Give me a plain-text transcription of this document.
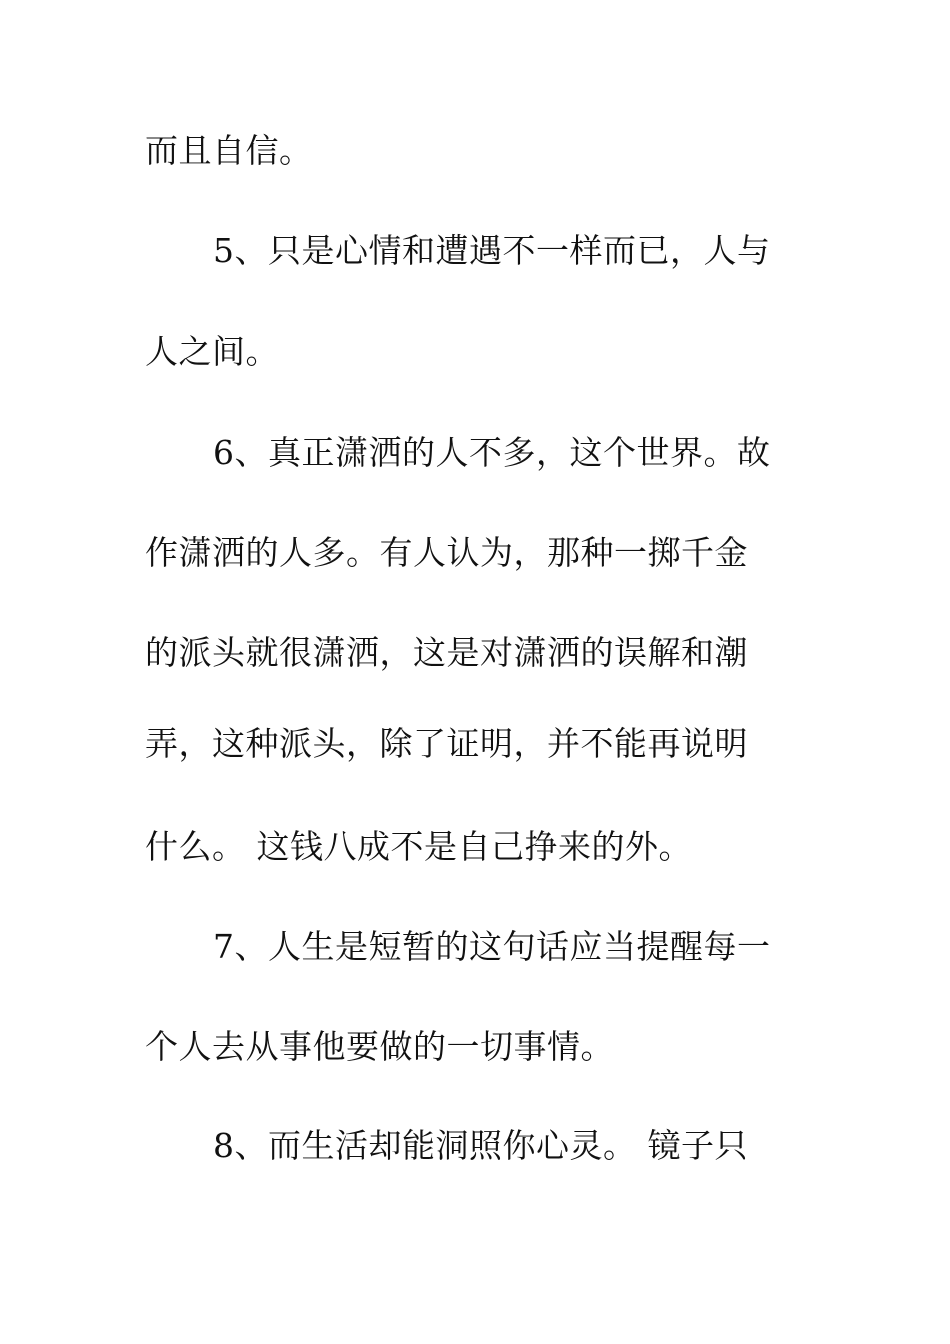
而且自信。
5、只是心情和遭遇不一样而已，人与
人之间。
6、真正潇洒的人不多，这个世界。故
作潇洒的人多。有人认为，那种一掷千金
的派头就很潇洒，这是对潇洒的误解和潮
弄，这种派头，除了证明，并不能再说明
什么。 这钱八成不是自己挣来的外。
7、人生是短暂的这句话应当提醒每一
个人去从事他要做的一切事情。
8、而生活却能洞照你心灵。 镜子只
